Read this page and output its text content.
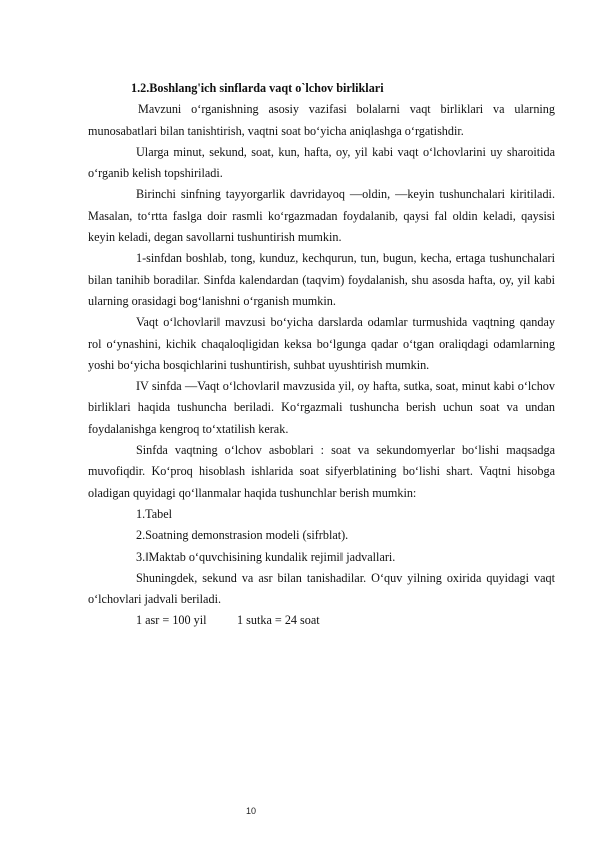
1.2.Boshlang'ich sinflarda vaqt o`lchov birliklari

Mavzuni o‘rganishning asosiy vazifasi bolalarni vaqt birliklari va ularning munosabatlari bilan tanishtirish, vaqtni soat bo‘yicha aniqlashga o‘rgatishdir.

Ularga minut, sekund, soat, kun, hafta, oy, yil kabi vaqt o‘lchovlarini uy sharoitida o‘rganib kelish topshiriladi.

Birinchi sinfning tayyorgarlik davridayoq ―oldin, ―keyin tushunchalari kiritiladi. Masalan, to‘rtta faslga doir rasmli ko‘rgazmadan foydalanib, qaysi fal oldin keladi, qaysisi keyin keladi, degan savollarni tushuntirish mumkin.

1-sinfdan boshlab, tong, kunduz, kechqurun, tun, bugun, kecha, ertaga tushunchalari bilan tanihib boradilar. Sinfda kalendardan (taqvim) foydalanish, shu asosda hafta, oy, yil kabi ularning orasidagi bog‘lanishni o‘rganish mumkin.

Vaqt o‘lchovlari‖ mavzusi bo‘yicha darslarda odamlar turmushida vaqtning qanday rol o‘ynashini, kichik chaqaloqligidan keksa bo‘lgunga qadar o‘tgan oraliqdagi odamlarning yoshi bo‘yicha bosqichlarini tushuntirish, suhbat uyushtirish mumkin.

IV sinfda ―Vaqt o‘lchovlari‖ mavzusida yil, oy hafta, sutka, soat, minut kabi o‘lchov birliklari haqida tushuncha beriladi. Ko‘rgazmali tushuncha berish uchun soat va undan foydalanishga kengroq to‘xtatilish kerak.

Sinfda vaqtning o‘lchov asboblari : soat va sekundomyerlar bo‘lishi maqsadga muvofiqdir. Ko‘proq hisoblash ishlarida soat sifyerblatining bo‘lishi shart. Vaqtni hisobga oladigan quyidagi qo‘llanmalar haqida tushunchlar berish mumkin:

1.Tabel

2.Soatning demonstrasion modeli (sifrblat).

3.‖Maktab o‘quvchisining kundalik rejimi‖ jadvallari.

Shuningdek, sekund va asr bilan tanishadilar. O‘quv yilning oxirida quyidagi vaqt o‘lchovlari jadvali beriladi.

1 asr = 100 yil          1 sutka = 24 soat

10
